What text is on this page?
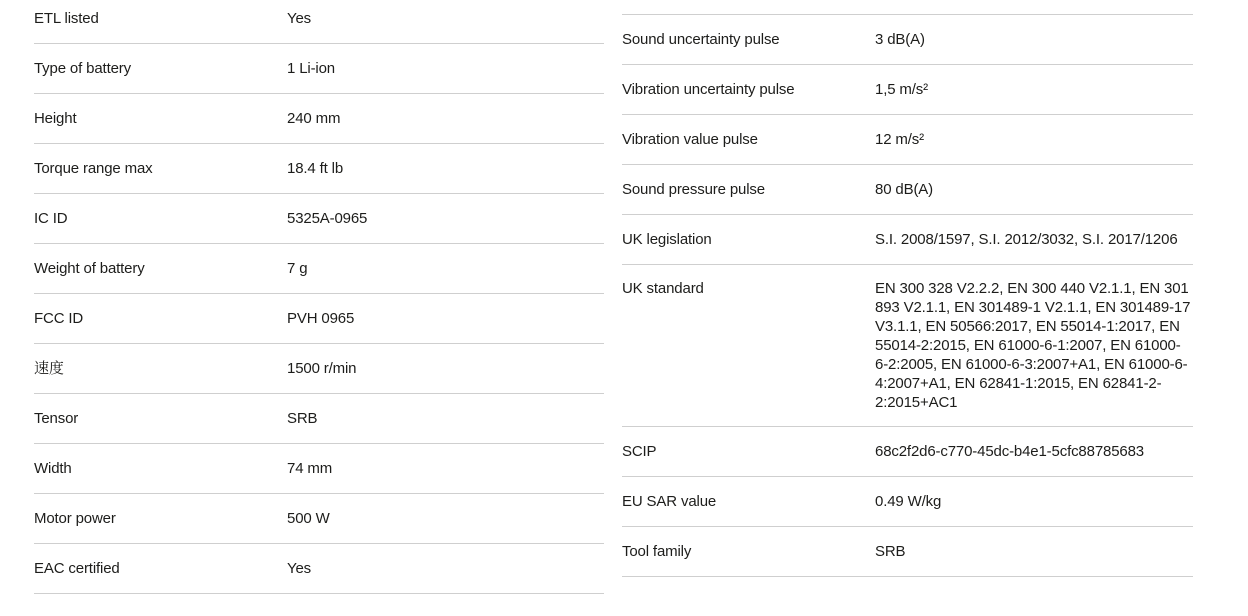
ETL listed	Yes
Type of battery	1 Li-ion
Height	240 mm
Torque range max	18.4 ft lb
IC ID	5325A-0965
Weight of battery	7 g
FCC ID	PVH 0965
速度	1500 r/min
Tensor	SRB
Width	74 mm
Motor power	500 W
EAC certified	Yes
Sound uncertainty pulse	3 dB(A)
Vibration uncertainty pulse	1,5 m/s²
Vibration value pulse	12 m/s²
Sound pressure pulse	80 dB(A)
UK legislation	S.I. 2008/1597, S.I. 2012/3032, S.I. 2017/1206
UK standard	EN 300 328 V2.2.2, EN 300 440 V2.1.1, EN 301 893 V2.1.1, EN 301489-1 V2.1.1, EN 301489-17 V3.1.1, EN 50566:2017, EN 55014-1:2017, EN 55014-2:2015, EN 61000-6-1:2007, EN 61000-6-2:2005, EN 61000-6-3:2007+A1, EN 61000-6-4:2007+A1, EN 62841-1:2015, EN 62841-2-2:2015+AC1
SCIP	68c2f2d6-c770-45dc-b4e1-5cfc88785683
EU SAR value	0.49 W/kg
Tool family	SRB
